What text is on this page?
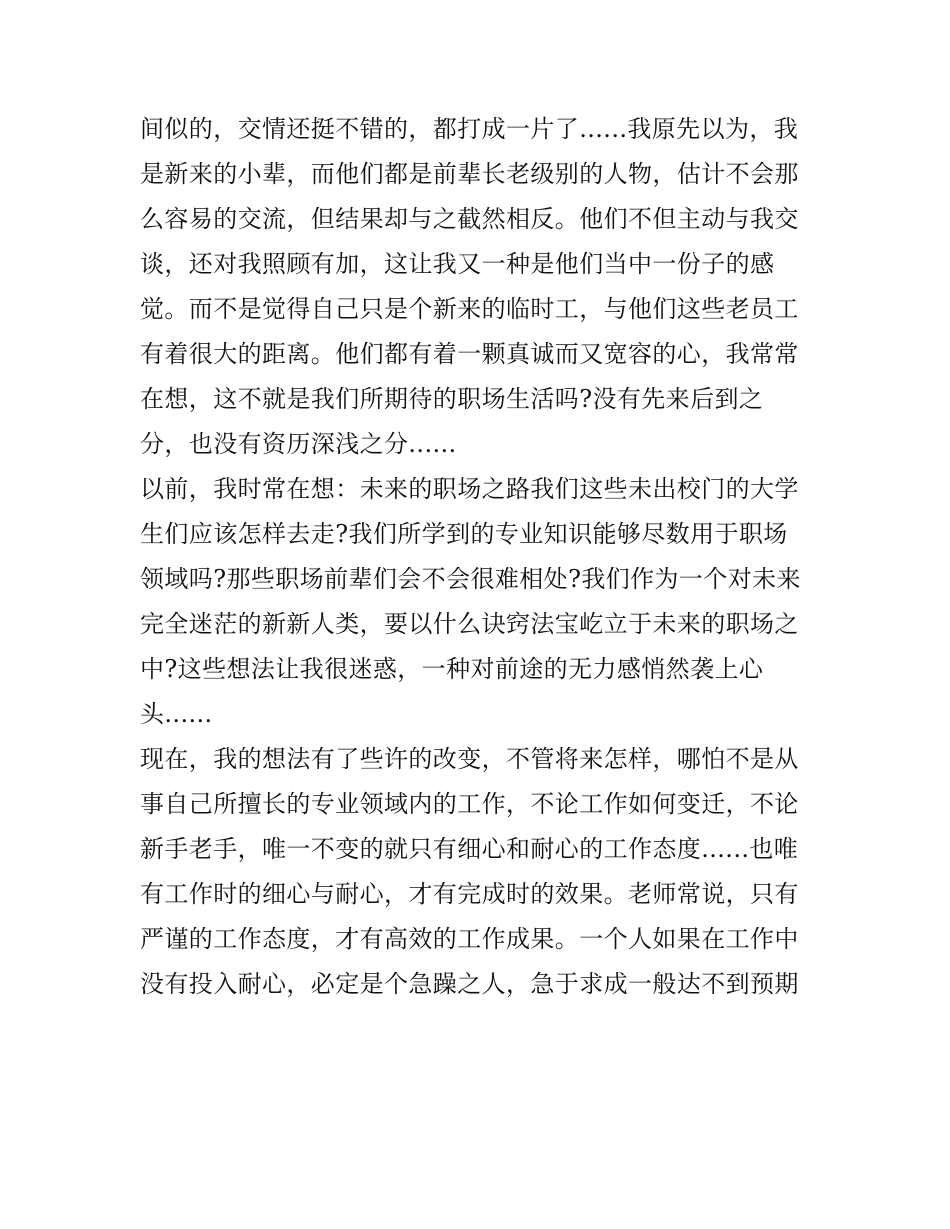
间似的，交情还挺不错的，都打成一片了......我原先以为，我
是新来的小辈，而他们都是前辈长老级别的人物，估计不会那
么容易的交流，但结果却与之截然相反。他们不但主动与我交
谈，还对我照顾有加，这让我又一种是他们当中一份子的感
觉。而不是觉得自己只是个新来的临时工，与他们这些老员工
有着很大的距离。他们都有着一颗真诚而又宽容的心，我常常
在想，这不就是我们所期待的职场生活吗?没有先来后到之
分，也没有资历深浅之分......
以前，我时常在想：未来的职场之路我们这些未出校门的大学
生们应该怎样去走?我们所学到的专业知识能够尽数用于职场
领域吗?那些职场前辈们会不会很难相处?我们作为一个对未来
完全迷茫的新新人类，要以什么诀窍法宝屹立于未来的职场之
中?这些想法让我很迷惑，一种对前途的无力感悄然袭上心
头......
现在，我的想法有了些许的改变，不管将来怎样，哪怕不是从
事自己所擅长的专业领域内的工作，不论工作如何变迁，不论
新手老手，唯一不变的就只有细心和耐心的工作态度......也唯
有工作时的细心与耐心，才有完成时的效果。老师常说，只有
严谨的工作态度，才有高效的工作成果。一个人如果在工作中
没有投入耐心，必定是个急躁之人，急于求成一般达不到预期
